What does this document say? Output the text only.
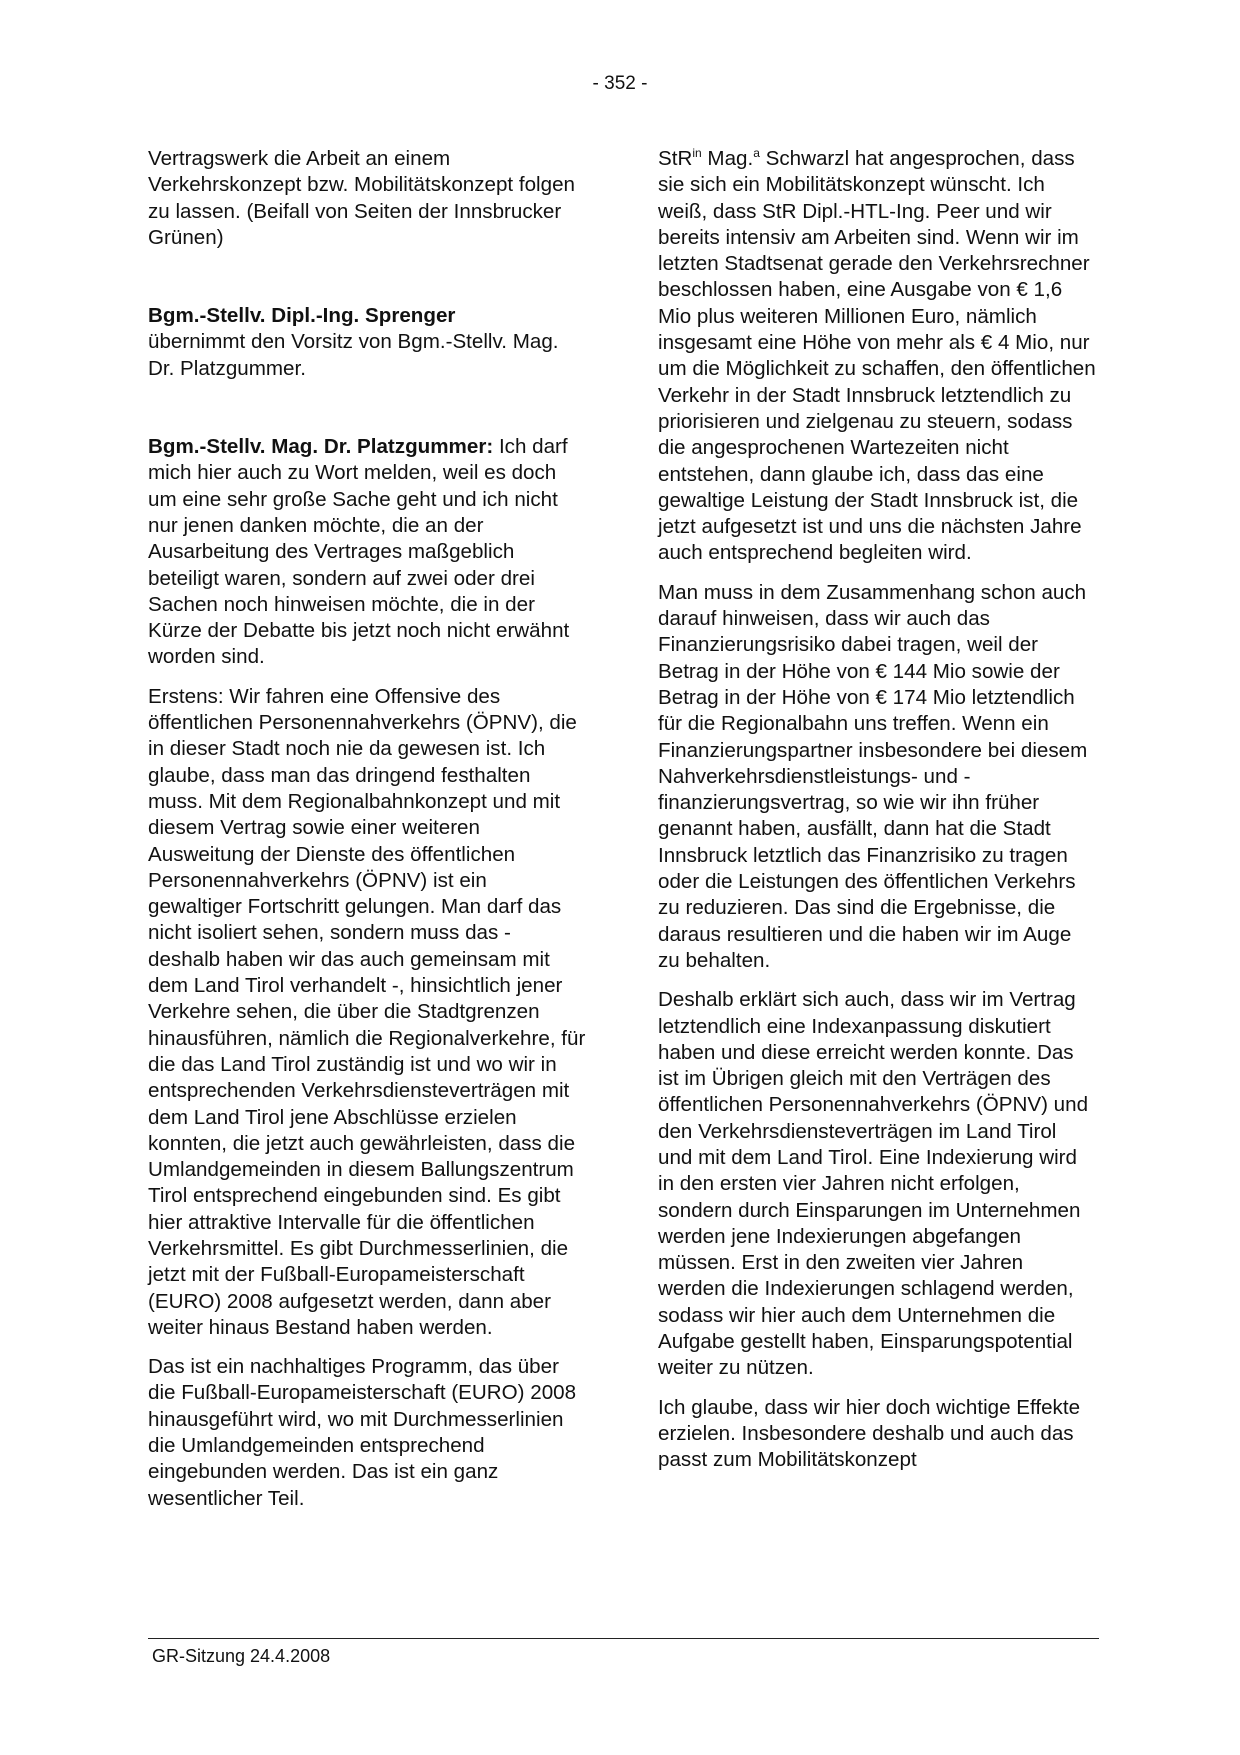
- 352 -

Vertragswerk die Arbeit an einem Verkehrskonzept bzw. Mobilitätskonzept folgen zu lassen. (Beifall von Seiten der Innsbrucker Grünen)

Bgm.-Stellv. Dipl.-Ing. Sprenger
übernimmt den Vorsitz von Bgm.-Stellv. Mag. Dr. Platzgummer.

Bgm.-Stellv. Mag. Dr. Platzgummer: Ich darf mich hier auch zu Wort melden, weil es doch um eine sehr große Sache geht und ich nicht nur jenen danken möchte, die an der Ausarbeitung des Vertrages maßgeblich beteiligt waren, sondern auf zwei oder drei Sachen noch hinweisen möchte, die in der Kürze der Debatte bis jetzt noch nicht erwähnt worden sind.

Erstens: Wir fahren eine Offensive des öffentlichen Personennahverkehrs (ÖPNV), die in dieser Stadt noch nie da gewesen ist. Ich glaube, dass man das dringend festhalten muss. Mit dem Regionalbahnkonzept und mit diesem Vertrag sowie einer weiteren Ausweitung der Dienste des öffentlichen Personennahverkehrs (ÖPNV) ist ein gewaltiger Fortschritt gelungen. Man darf das nicht isoliert sehen, sondern muss das - deshalb haben wir das auch gemeinsam mit dem Land Tirol verhandelt -, hinsichtlich jener Verkehre sehen, die über die Stadtgrenzen hinausführen, nämlich die Regionalverkehre, für die das Land Tirol zuständig ist und wo wir in entsprechenden Verkehrsdiensteverträgen mit dem Land Tirol jene Abschlüsse erzielen konnten, die jetzt auch gewährleisten, dass die Umlandgemeinden in diesem Ballungszentrum Tirol entsprechend eingebunden sind. Es gibt hier attraktive Intervalle für die öffentlichen Verkehrsmittel. Es gibt Durchmesserlinien, die jetzt mit der Fußball-Europameisterschaft (EURO) 2008 aufgesetzt werden, dann aber weiter hinaus Bestand haben werden.

Das ist ein nachhaltiges Programm, das über die Fußball-Europameisterschaft (EURO) 2008 hinausgeführt wird, wo mit Durchmesserlinien die Umlandgemeinden entsprechend eingebunden werden. Das ist ein ganz wesentlicher Teil.

StR$^{in}$ Mag.$^a$ Schwarzl hat angesprochen, dass sie sich ein Mobilitätskonzept wünscht. Ich weiß, dass StR Dipl.-HTL-Ing. Peer und wir bereits intensiv am Arbeiten sind. Wenn wir im letzten Stadtsenat gerade den Verkehrsrechner beschlossen haben, eine Ausgabe von € 1,6 Mio plus weiteren Millionen Euro, nämlich insgesamt eine Höhe von mehr als € 4 Mio, nur um die Möglichkeit zu schaffen, den öffentlichen Verkehr in der Stadt Innsbruck letztendlich zu priorisieren und zielgenau zu steuern, sodass die angesprochenen Wartezeiten nicht entstehen, dann glaube ich, dass das eine gewaltige Leistung der Stadt Innsbruck ist, die jetzt aufgesetzt ist und uns die nächsten Jahre auch entsprechend begleiten wird.

Man muss in dem Zusammenhang schon auch darauf hinweisen, dass wir auch das Finanzierungsrisiko dabei tragen, weil der Betrag in der Höhe von € 144 Mio sowie der Betrag in der Höhe von € 174 Mio letztendlich für die Regionalbahn uns treffen. Wenn ein Finanzierungspartner insbesondere bei diesem Nahverkehrsdienstleistungs- und -finanzierungsvertrag, so wie wir ihn früher genannt haben, ausfällt, dann hat die Stadt Innsbruck letztlich das Finanzrisiko zu tragen oder die Leistungen des öffentlichen Verkehrs zu reduzieren. Das sind die Ergebnisse, die daraus resultieren und die haben wir im Auge zu behalten.

Deshalb erklärt sich auch, dass wir im Vertrag letztendlich eine Indexanpassung diskutiert haben und diese erreicht werden konnte. Das ist im Übrigen gleich mit den Verträgen des öffentlichen Personennahverkehrs (ÖPNV) und den Verkehrsdiensteverträgen im Land Tirol und mit dem Land Tirol. Eine Indexierung wird in den ersten vier Jahren nicht erfolgen, sondern durch Einsparungen im Unternehmen werden jene Indexierungen abgefangen müssen. Erst in den zweiten vier Jahren werden die Indexierungen schlagend werden, sodass wir hier auch dem Unternehmen die Aufgabe gestellt haben, Einsparungspotential weiter zu nützen.

Ich glaube, dass wir hier doch wichtige Effekte erzielen. Insbesondere deshalb und auch das passt zum Mobilitätskonzept

GR-Sitzung 24.4.2008
